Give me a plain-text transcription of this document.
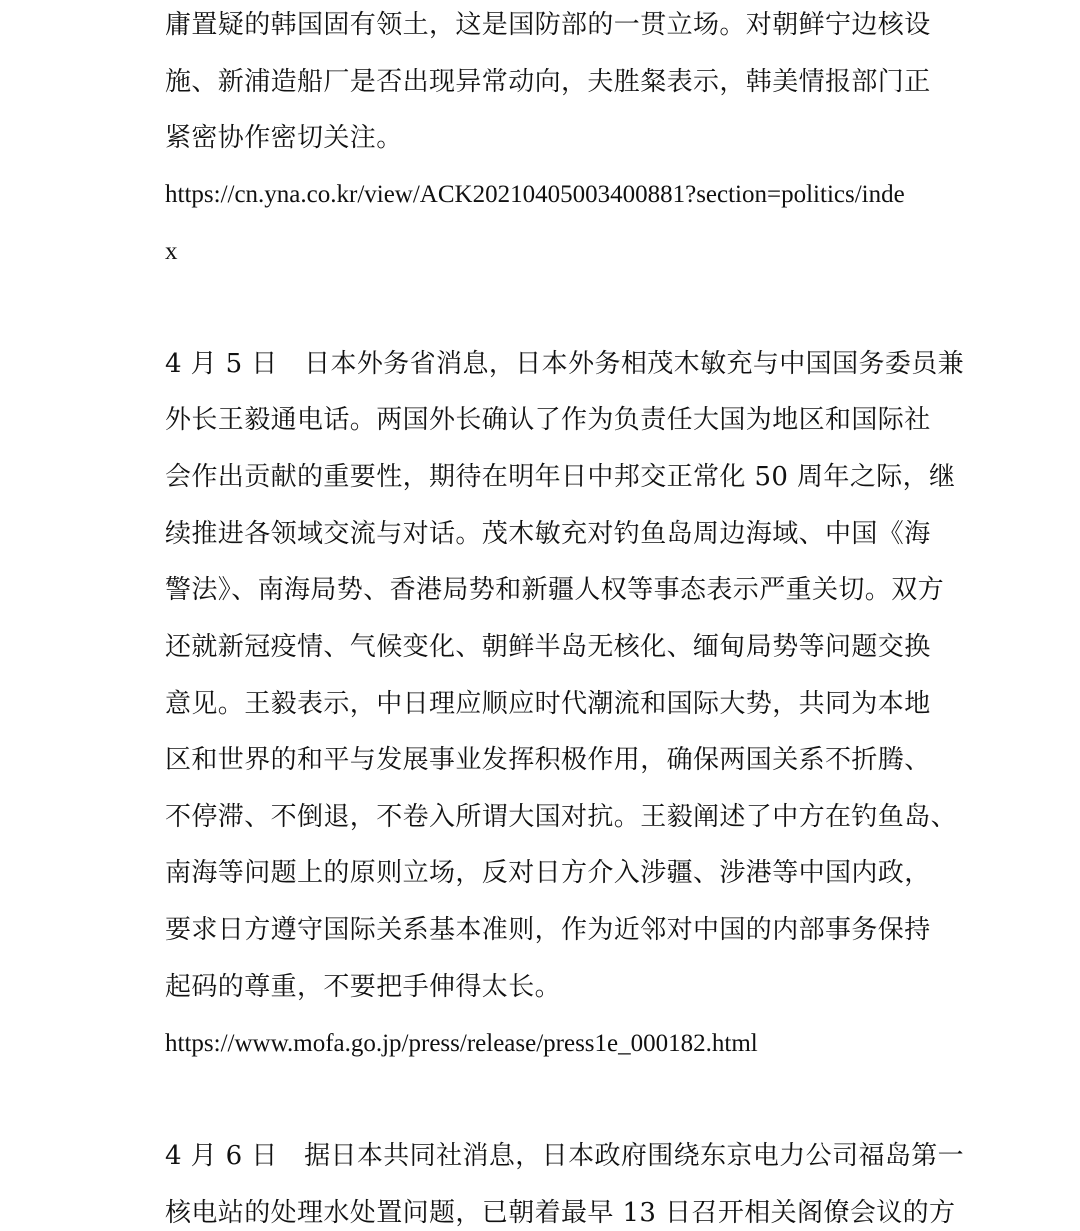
庸置疑的韩国固有领土，这是国防部的一贯立场。对朝鲜宁边核设
施、新浦造船厂是否出现异常动向，夫胜粲表示，韩美情报部门正
紧密协作密切关注。
https://cn.yna.co.kr/view/ACK20210405003400881?section=politics/inde
x
4 月 5 日　日本外务省消息，日本外务相茂木敏充与中国国务委员兼
外长王毅通电话。两国外长确认了作为负责任大国为地区和国际社
会作出贡献的重要性，期待在明年日中邦交正常化 50 周年之际，继
续推进各领域交流与对话。茂木敏充对钓鱼岛周边海域、中国《海
警法》、南海局势、香港局势和新疆人权等事态表示严重关切。双方
还就新冠疫情、气候变化、朝鲜半岛无核化、缅甸局势等问题交换
意见。王毅表示，中日理应顺应时代潮流和国际大势，共同为本地
区和世界的和平与发展事业发挥积极作用，确保两国关系不折腾、
不停滞、不倒退，不卷入所谓大国对抗。王毅阐述了中方在钓鱼岛、
南海等问题上的原则立场，反对日方介入涉疆、涉港等中国内政，
要求日方遵守国际关系基本准则，作为近邻对中国的内部事务保持
起码的尊重，不要把手伸得太长。
https://www.mofa.go.jp/press/release/press1e_000182.html
4 月 6 日　据日本共同社消息，日本政府围绕东京电力公司福岛第一
核电站的处理水处置问题，已朝着最早 13 日召开相关阁僚会议的方
